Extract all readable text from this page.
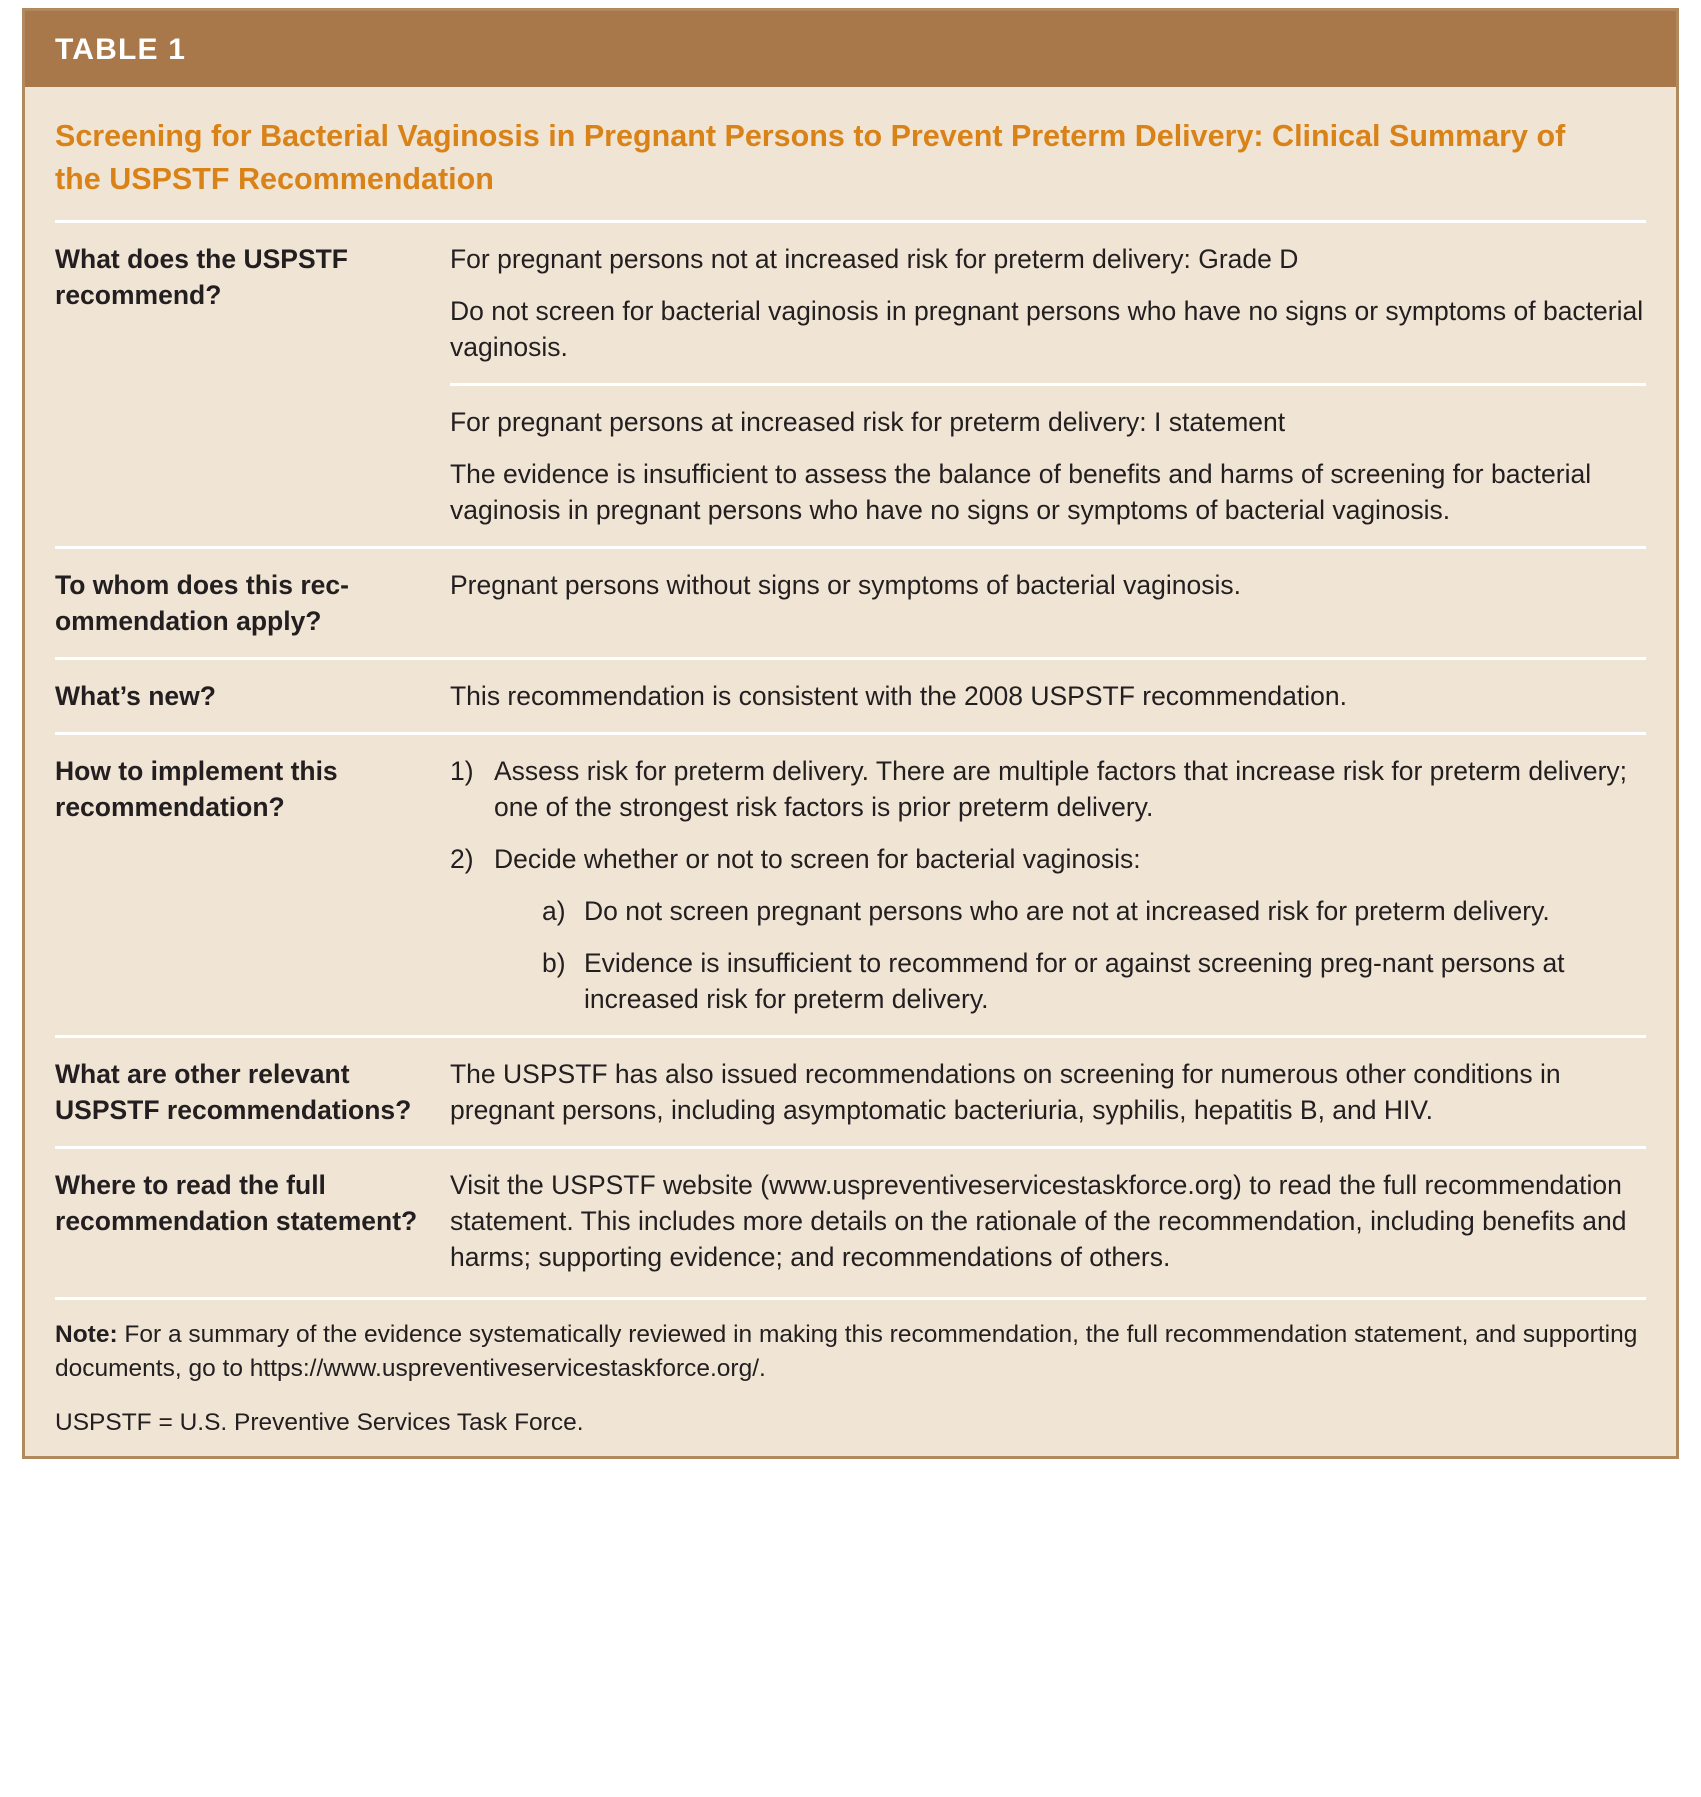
TABLE 1
Screening for Bacterial Vaginosis in Pregnant Persons to Prevent Preterm Delivery: Clinical Summary of the USPSTF Recommendation
What does the USPSTF recommend?

For pregnant persons not at increased risk for preterm delivery: Grade D

Do not screen for bacterial vaginosis in pregnant persons who have no signs or symptoms of bacterial vaginosis.

For pregnant persons at increased risk for preterm delivery: I statement

The evidence is insufficient to assess the balance of benefits and harms of screening for bacterial vaginosis in pregnant persons who have no signs or symptoms of bacterial vaginosis.

To whom does this rec-ommendation apply?

Pregnant persons without signs or symptoms of bacterial vaginosis.

What’s new?	This recommendation is consistent with the 2008 USPSTF recommendation.

How to implement this recommendation?
1) Assess risk for preterm delivery. There are multiple factors that increase risk for preterm delivery; one of the strongest risk factors is prior preterm delivery.
2) Decide whether or not to screen for bacterial vaginosis:
a) Do not screen pregnant persons who are not at increased risk for preterm delivery.
b) Evidence is insufficient to recommend for or against screening preg-nant persons at increased risk for preterm delivery.
What are other relevant USPSTF recommendations?

The USPSTF has also issued recommendations on screening for numerous other conditions in pregnant persons, including asymptomatic bacteriuria, syphilis, hepatitis B, and HIV.

Where to read the full recommendation statement?

Visit the USPSTF website (www.uspreventiveservicestaskforce.org) to read the full recommendation statement. This includes more details on the rationale of the recommendation, including benefits and harms; supporting evidence; and recommendations of others.

Note: For a summary of the evidence systematically reviewed in making this recommendation, the full recommendation statement, and supporting documents, go to https://www.uspreventiveservicestaskforce.org/.

USPSTF = U.S. Preventive Services Task Force.
